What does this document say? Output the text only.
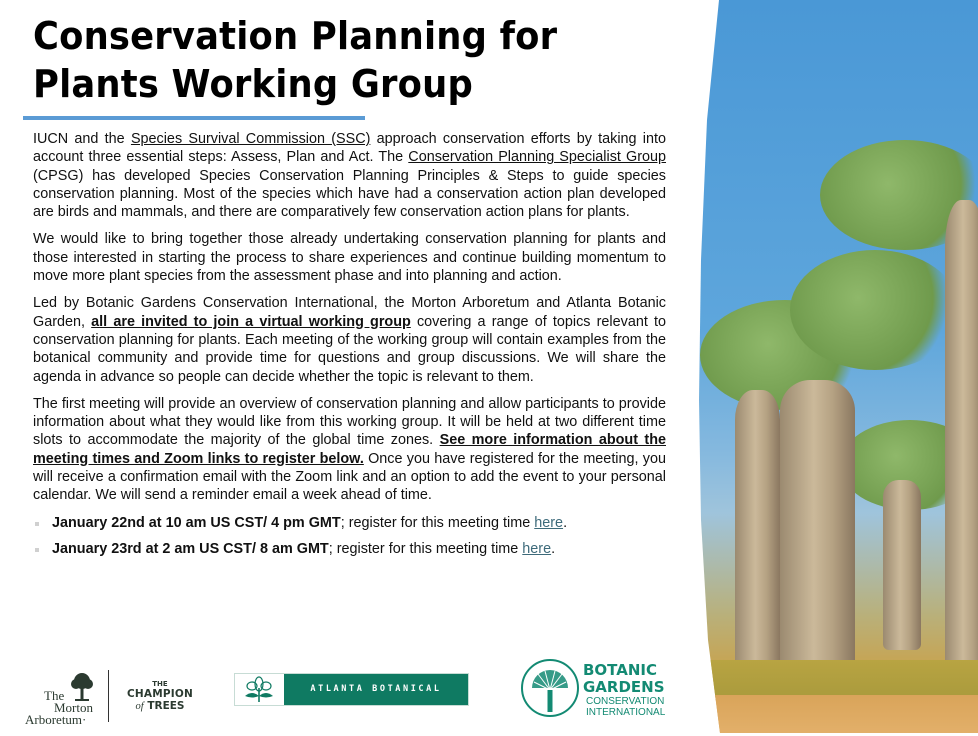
Conservation Planning for
Plants Working Group

IUCN and the Species Survival Commission (SSC) approach conservation efforts by taking into account three essential steps: Assess, Plan and Act. The Conservation Planning Specialist Group (CPSG) has developed Species Conservation Planning Principles & Steps to guide species conservation planning. Most of the species which have had a conservation action plan developed are birds and mammals, and there are comparatively few conservation action plans for plants.

We would like to bring together those already undertaking conservation planning for plants and those interested in starting the process to share experiences and continue building momentum to move more plant species from the assessment phase and into planning and action.

Led by Botanic Gardens Conservation International, the Morton Arboretum and Atlanta Botanic Garden, all are invited to join a virtual working group covering a range of topics relevant to conservation planning for plants. Each meeting of the working group will contain examples from the botanical community and provide time for questions and group discussions. We will share the agenda in advance so people can decide whether the topic is relevant to them.

The first meeting will provide an overview of conservation planning and allow participants to provide information about what they would like from this working group. It will be held at two different time slots to accommodate the majority of the global time zones. See more information about the meeting times and Zoom links to register below. Once you have registered for the meeting, you will receive a confirmation email with the Zoom link and an option to add the event to your personal calendar. We will send a reminder email a week ahead of time.

January 22nd at 10 am US CST/ 4 pm GMT; register for this meeting time here.
January 23rd at 2 am US CST/ 8 am GMT; register for this meeting time here.
The
Morton
Arboretum·
THE
CHAMPION
of TREES
ATLANTA BOTANICAL GARDEN
BOTANIC
GARDENS
CONSERVATION
INTERNATIONAL
